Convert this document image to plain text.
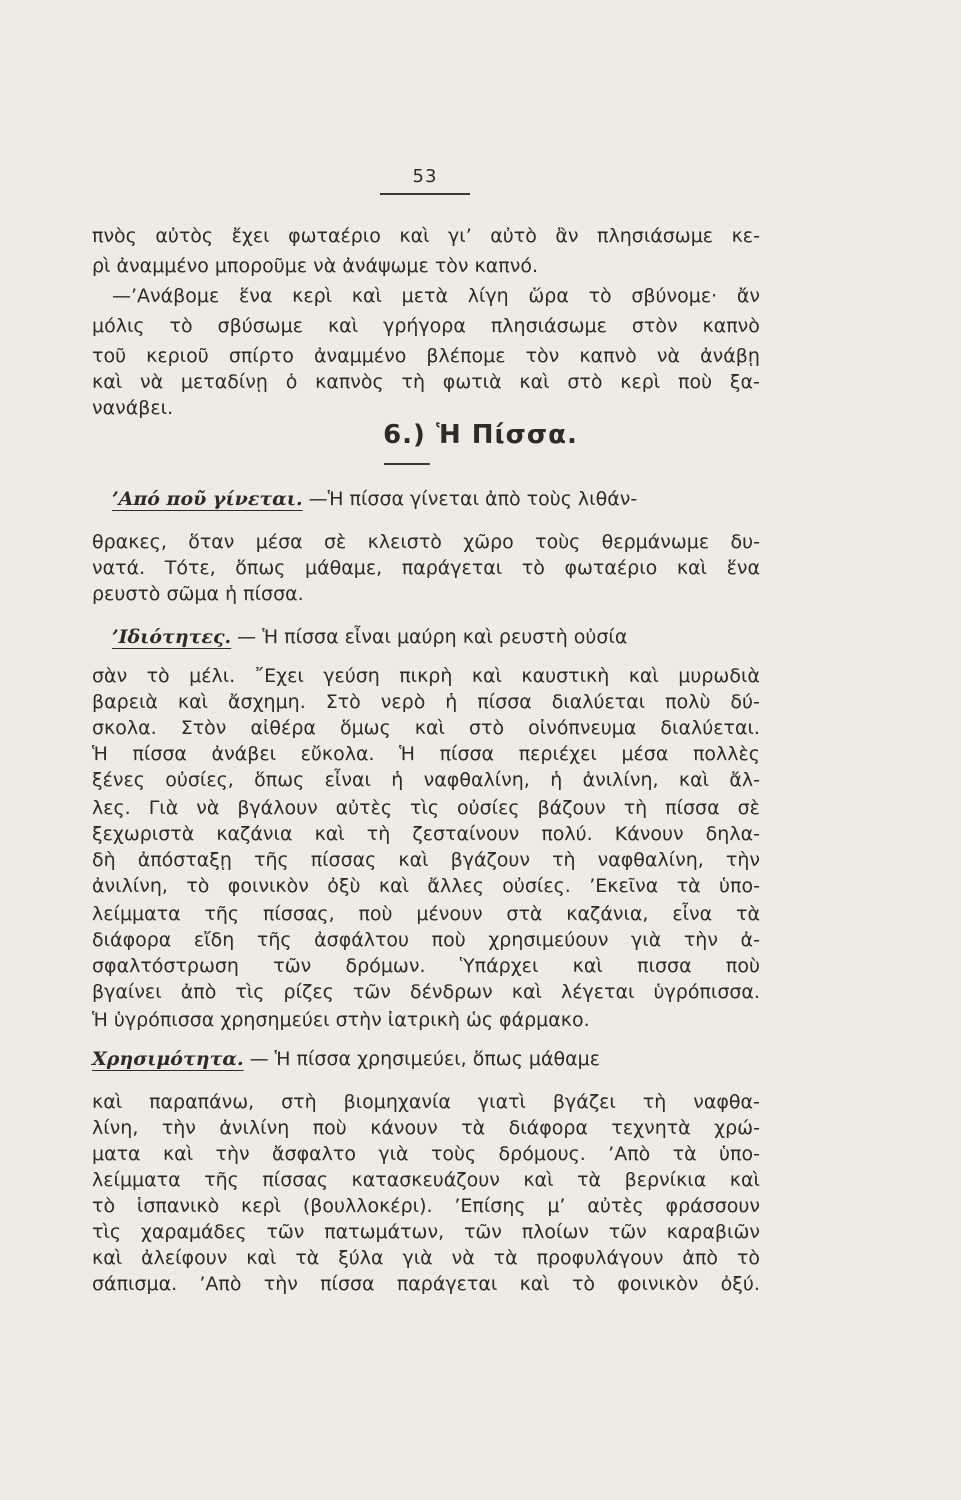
53
πνὸς αὐτὸς ἔχει φωταέριο καὶ γι’ αὐτὸ ἂν πλησιάσωμε κε-
ρὶ ἀναμμένο μποροῦμε νὰ ἀνάψωμε τὸν καπνό.
—’Ανάβομε ἕνα κερὶ καὶ μετὰ λίγη ὥρα τὸ σβύνομε· ἄν
μόλις τὸ σβύσωμε καὶ γρήγορα πλησιάσωμε στὸν καπνὸ
τοῦ κεριοῦ σπίρτο ἀναμμένο βλέπομε τὸν καπνὸ νὰ ἀνάβῃ
καὶ νὰ μεταδίνῃ ὁ καπνὸς τὴ φωτιὰ καὶ στὸ κερὶ ποὺ ξα-
νανάβει.
6.) Ἡ Πίσσα.
’Από ποῦ γίνεται. —Ἡ πίσσα γίνεται ἀπὸ τοὺς λιθάν-
θρακες, ὅταν μέσα σὲ κλειστὸ χῶρο τοὺς θερμάνωμε δυ-
νατά. Τότε, ὅπως μάθαμε, παράγεται τὸ φωταέριο καὶ ἕνα
ρευστὸ σῶμα ἡ πίσσα.
’Ιδιότητες. — Ἡ πίσσα εἶναι μαύρη καὶ ρευστὴ οὐσία
σὰν τὸ μέλι. ῎Εχει γεύση πικρὴ καὶ καυστικὴ καὶ μυρωδιὰ
βαρειὰ καὶ ἄσχημη. Στὸ νερὸ ἡ πίσσα διαλύεται πολὺ δύ-
σκολα. Στὸν αἰθέρα ὅμως καὶ στὸ οἰνόπνευμα διαλύεται.
Ἡ πίσσα ἀνάβει εὔκολα. Ἡ πίσσα περιέχει μέσα πολλὲς
ξένες οὐσίες, ὅπως εἶναι ἡ ναφθαλίνη, ἡ ἀνιλίνη, καὶ ἄλ-
λες. Γιὰ νὰ βγάλουν αὐτὲς τὶς οὐσίες βάζουν τὴ πίσσα σὲ
ξεχωριστὰ καζάνια καὶ τὴ ζεσταίνουν πολύ. Κάνουν δηλα-
δὴ ἀπόσταξῃ τῆς πίσσας καὶ βγάζουν τὴ ναφθαλίνη, τὴν
ἀνιλίνη, τὸ φοινικὸν ὀξὺ καὶ ἄλλες οὐσίες. ’Εκεῖνα τὰ ὑπο-
λείμματα τῆς πίσσας, ποὺ μένουν στὰ καζάνια, εἶνα τὰ
διάφορα εἴδη τῆς ἀσφάλτου ποὺ χρησιμεύουν γιὰ τὴν ἀ-
σφαλτόστρωση τῶν δρόμων. Ὑπάρχει καὶ πισσα ποὺ
βγαίνει ἀπὸ τὶς ρίζες τῶν δένδρων καὶ λέγεται ὑγρόπισσα.
Ἡ ὑγρόπισσα χρησημεύει στὴν ἰατρικὴ ὡς φάρμακο.
Χρησιμότητα. — Ἡ πίσσα χρησιμεύει, ὅπως μάθαμε
καὶ παραπάνω, στὴ βιομηχανία γιατὶ βγάζει τὴ ναφθα-
λίνη, τὴν ἀνιλίνη ποὺ κάνουν τὰ διάφορα τεχνητὰ χρώ-
ματα καὶ τὴν ἄσφαλτο γιὰ τοὺς δρόμους. ’Απὸ τὰ ὑπο-
λείμματα τῆς πίσσας κατασκευάζουν καὶ τὰ βερνίκια καὶ
τὸ ἱσπανικὸ κερὶ (βουλλοκέρι). ’Επίσης μ’ αὐτὲς φράσσουν
τὶς χαραμάδες τῶν πατωμάτων, τῶν πλοίων τῶν καραβιῶν
καὶ ἀλείφουν καὶ τὰ ξύλα γιὰ νὰ τὰ προφυλάγουν ἀπὸ τὸ
σάπισμα. ’Απὸ τὴν πίσσα παράγεται καὶ τὸ φοινικὸν ὀξύ.
